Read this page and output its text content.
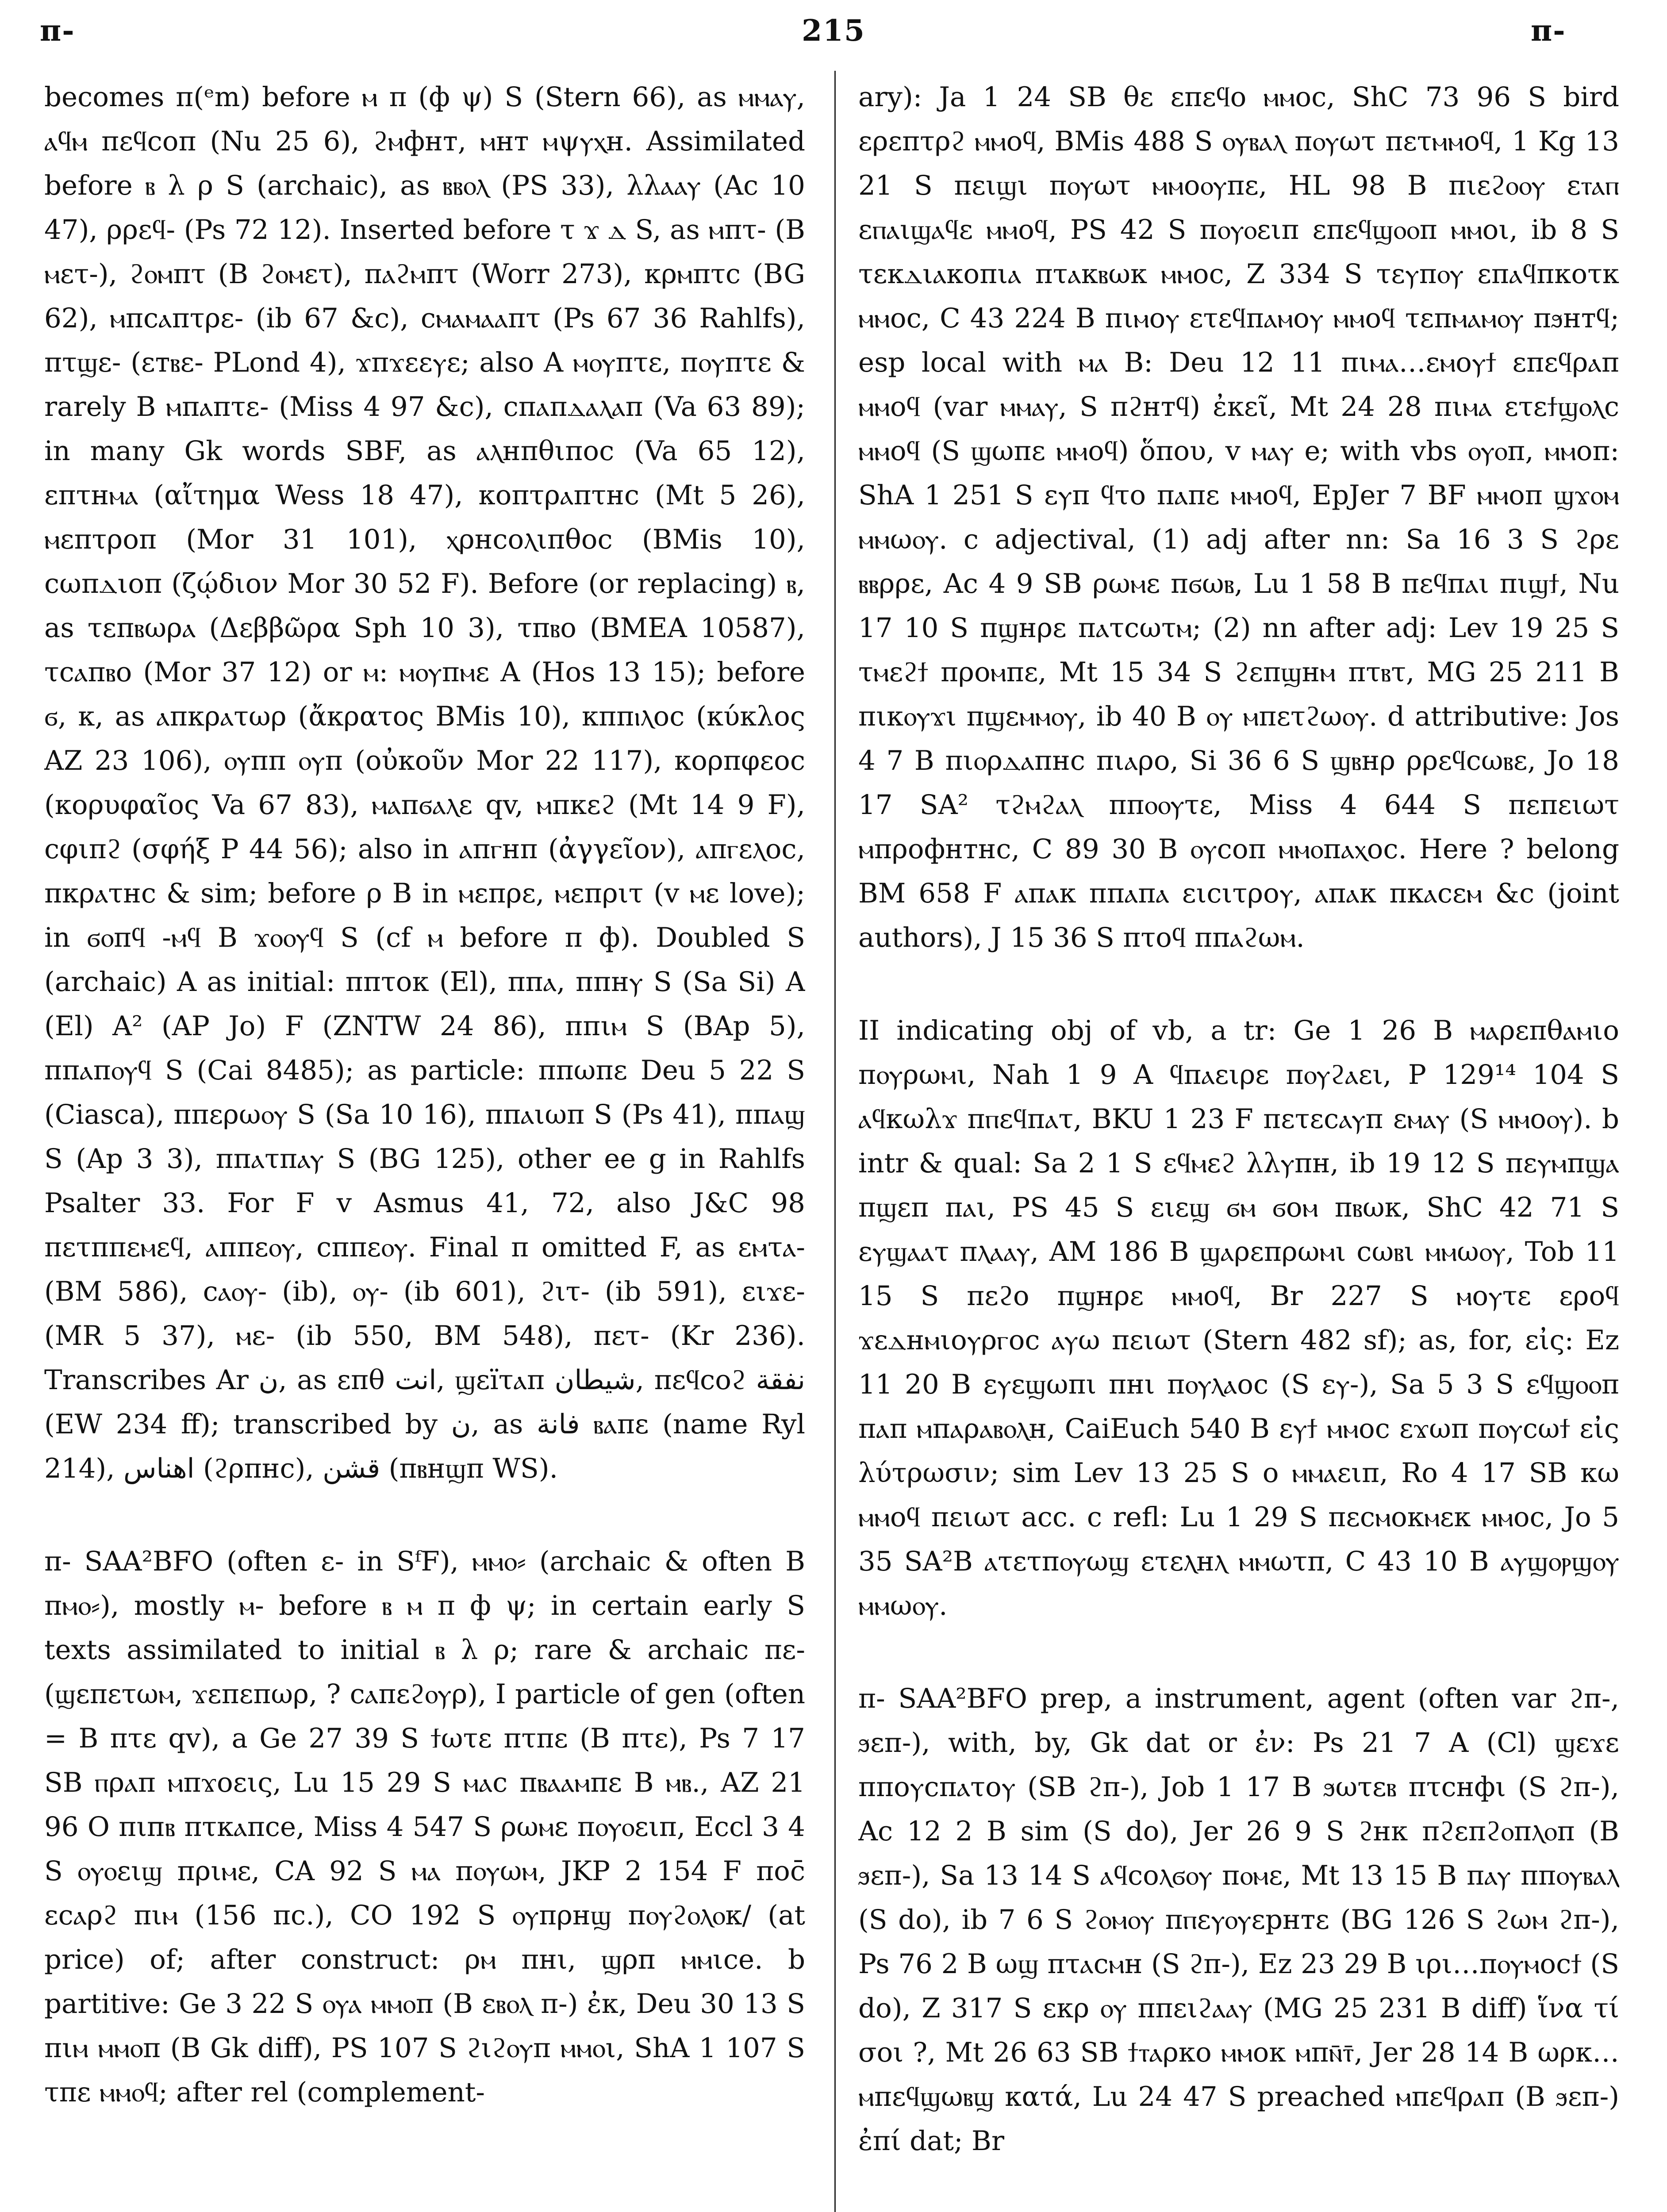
π-	215	π-

becomes π(ᵉm) before ⲙ π (ф ψ) S (Stern 66), as ⲙⲙⲁⲩ, ⲁϥⲙ πεϥcoπ (Nu 25 6), ϩⲙфнт, ⲙнт ⲙψⲩⲭн. Assimilated before ⲃ λ ρ S (archaic), as ⲃⲃⲟⲗ (PS 33), λλⲁⲁⲩ (Ac 10 47), ρρεϥ- (Ps 72 12). Inserted before τ ϫ ⲇ S, as ⲙπτ- (B ⲙετ-), ϩⲟⲙπτ (B ϩⲟⲙετ), πⲁϩⲙπτ (Worr 273), κρⲙπτc (BG 62), ⲙπcⲁπτρε- (ib 67 &c), cⲙⲁⲙⲁⲁπτ (Ps 67 36 Rahlfs), πτϣε- (εтⲃε- PLond 4), ϫπϫεεⲩε; also A ⲙⲟⲩπτε, πⲟⲩπτε & rarely B ⲙπⲁπτε- (Miss 4 97 &c), cπⲁπⲇⲁⲗⲁπ (Va 63 89); in many Gk words SBF, as ⲁⲗнπθιπoc (Va 65 12), επτнⲙⲁ (αἴτημα Wess 18 47), κoπτρⲁπτнc (Mt 5 26), ⲙεπτρoπ (Mor 31 101), ⲭρнcoⲗιπθoc (BMis 10), cωπⲇιoπ (ζῴδιον Mor 30 52 F). Before (or replacing) ⲃ, as τεπⲃωρⲁ (Δεββῶρα Sph 10 3), τπⲃo (BMEA 10587), τcⲁπⲃo (Mor 37 12) or ⲙ: ⲙⲟⲩπⲙε A (Hos 13 15); before ϭ, κ, as ⲁπκρⲁτωρ (ἄκρατος BMis 10), κππⲓⲗoc (κύκλος AZ 23 106), ⲟⲩππ ⲟⲩπ (οὐκοῦν Mor 22 117), κoρπφεoc (κορυφαῖος Va 67 83), ⲙⲁπϭⲁⲗε qv, ⲙπκεϩ (Mt 14 9 F), cφιπϩ (σφήξ P 44 56); also in ⲁπⲅнπ (ἀγγεῖον), ⲁπⲅεⲗoc, πκρⲁτнc & sim; before ρ B in ⲙεπρε, ⲙεπριτ (v ⲙε love); in ϭⲟπϥ -ⲙϥ B ϫⲟⲟⲩϥ S (cf ⲙ before π ф). Doubled S (archaic) A as initial: ππτοκ (El), ππⲁ, ππнⲩ S (Sa Si) A (El) A² (AP Jo) F (ZNTW 24 86), ππιⲙ S (BAp 5), ππⲁπⲟⲩϥ S (Cai 8485); as particle: ππωπε Deu 5 22 S (Ciasca), ππερωⲟⲩ S (Sa 10 16), ππⲁιωπ S (Ps 41), ππⲁϣ S (Ap 3 3), ππⲁτπⲁⲩ S (BG 125), other ee g in Rahlfs Psalter 33. For F v Asmus 41, 72, also J&C 98 πετππεⲙεϥ, ⲁππεⲟⲩ, cππεⲟⲩ. Final π omitted F, as εⲙτⲁ- (BM 586), cⲁⲟⲩ- (ib), ⲟⲩ- (ib 601), ϩιτ- (ib 591), ειϫε- (MR 5 37), ⲙε- (ib 550, BM 548), πετ- (Kr 236). Transcribes Ar ن, as επθ انت, ϣεïτⲁπ شيطان, πεϥcoϩ نفقة (EW 234 ff); transcribed by ن, as فانة ⲃⲁπε (name Ryl 214), اهناس (ϩρπнc), قشن (πⲃнϣπ WS).

π- SAA²BFO (often ε- in SᶠF), ⲙⲙⲟ⸗ (archaic & often B πⲙⲟ⸗), mostly ⲙ- before ⲃ ⲙ π ф ψ; in certain early S texts assimilated to initial ⲃ λ ρ; rare & archaic πε- (ϣεπετωⲙ, ϫεπεπωρ, ? cⲁπεϩⲟⲩρ), I particle of gen (often = B πτε qv), a Ge 27 39 S ϯωτε πτπε (B πτε), Ps 7 17 SB ⲡρⲁπ ⲙπϫοεις, Lu 15 29 S ⲙⲁc πⲃⲁⲁⲙπε B ⲙⲃ., AZ 21 96 O πιпⲃ πτκⲁπce, Miss 4 547 S ρωⲙε πⲟⲩⲟειπ, Eccl 3 4 S ⲟⲩⲟειϣ πριⲙε, CA 92 S ⲙⲁ πⲟⲩωⲙ, JKP 2 154 F πoc̄ εcⲁρϩ πιⲙ (156 πc.), CO 192 S ⲟⲩπρнϣ πⲟⲩϩⲟⲗⲟκ/ (at price) of; after construct: ρⲙ πнι, ϣρп ⲙⲙιce. b partitive: Ge 3 22 S ⲟⲩⲁ ⲙⲙⲟπ (B εⲃⲟⲗ π-) ἐκ, Deu 30 13 S πιⲙ ⲙⲙⲟπ (B Gk diff), PS 107 S ϩιϩⲟⲩπ ⲙⲙⲟι, ShA 1 107 S τπε ⲙⲙⲟϥ; after rel (complement-

ary): Ja 1 24 SB θε επεϥο ⲙⲙοc, ShC 73 96 S bird ερεπτρϩ ⲙⲙοϥ, BMis 488 S ⲟⲩⲃⲁⲗ πⲟⲩωτ πετⲙⲙοϥ, 1 Kg 13 21 S πειϣι πⲟⲩωτ ⲙⲙοⲟⲩπε, HL 98 B πιεϩⲟⲟⲩ εⲧⲁⲡ εⲡⲁιϣⲁϥε ⲙⲙοϥ, PS 42 S πⲟⲩⲟειπ επεϥϣⲟⲟπ ⲙⲙοι, ib 8 S τεκⲇιⲁκοπιⲁ πτⲁκⲃωκ ⲙⲙοc, Z 334 S τεⲩπⲟⲩ επⲁϥπκοτκ ⲙⲙοc, C 43 224 B πιⲙοⲩ ετεϥπⲁⲙοⲩ ⲙⲙοϥ τεπⲙⲁⲙⲟⲩ πϧнтϥ; esp local with ⲙⲁ B: Deu 12 11 πιⲙⲁ…εⲙοⲩϯ επεϥρⲁπ ⲙⲙοϥ (var ⲙⲙⲁⲩ, S πϩнтϥ) ἐκεῖ, Mt 24 28 πιⲙⲁ ετεϯϣⲟⲗc ⲙⲙοϥ (S ϣωπε ⲙⲙοϥ) ὅπου, v ⲙⲁⲩ e; with vbs ⲟⲩⲟπ, ⲙⲙοπ: ShA 1 251 S εⲩπ ϥτο πⲁπε ⲙⲙοϥ, EpJer 7 BF ⲙⲙοπ ϣϫⲟⲙ ⲙⲙωⲟⲩ. c adjectival, (1) adj after nn: Sa 16 3 S ϩρε ⲃⲃρρε, Ac 4 9 SB ρωⲙε πϭωⲃ, Lu 1 58 B πεϥπⲁι πιϣϯ, Nu 17 10 S πϣнρε πⲁτcωτⲙ; (2) nn after adj: Lev 19 25 S τⲙεϩϯ προⲙπε, Mt 15 34 S ϩεπϣнⲙ πτⲃτ, MG 25 211 B πικⲟⲩϫι πϣεⲙⲙⲟⲩ, ib 40 B ⲟⲩ ⲙπετϩωⲟⲩ. d attributive: Jos 4 7 B πιⲟρⲇⲁπнc πιⲁρο, Si 36 6 S ϣⲃнρ ρρεϥcωⲃε, Jo 18 17 SA² τϩⲙϩⲁⲗ ππⲟⲟⲩτε, Miss 4 644 S πεπειωτ ⲙπροфнтнc, C 89 30 B ⲟⲩcoπ ⲙⲙⲟπⲁⲭoc. Here ? belong BM 658 F ⲁπⲁκ ππⲁπⲁ ειcιτροⲩ, ⲁπⲁκ πκⲁcεⲙ &c (joint authors), J 15 36 S πτοϥ ππⲁϩωⲙ.

II indicating obj of vb, a tr: Ge 1 26 B ⲙⲁρεπθⲁⲙιο πⲟⲩρωⲙι, Nah 1 9 A ϥπⲁειρε πⲟⲩϩⲁει, P 129¹⁴ 104 S ⲁϥκωλϫ πⲡεϥπⲁτ, BKU 1 23 F πετεcⲁⲩπ εⲙⲁⲩ (S ⲙⲙοⲟⲩ). b intr & qual: Sa 2 1 S εϥⲙεϩ λλⲩπн, ib 19 12 S πεⲩⲙπϣⲁ πϣεπ πⲁι, PS 45 S ειεϣ ϭⲙ ϭοⲙ πⲃωκ, ShC 42 71 S εⲩϣⲁⲁτ πⲗⲁⲁⲩ, AM 186 B ϣⲁρεπρωⲙι cωⲃι ⲙⲙωⲟⲩ, Tob 11 15 S πεϩο πϣнρε ⲙⲙοϥ, Br 227 S ⲙοⲩτε ερоϥ ϫεⲇнⲙιоⲩρⲅoc ⲁⲩω πειωτ (Stern 482 sf); as, for, εἰς: Ez 11 20 B εⲩεϣωπι πнι πⲟⲩⲗⲁoc (S εⲩ-), Sa 5 3 S εϥϣⲟⲟπ πⲁπ ⲙπⲁρⲁⲃⲟⲗн, CaiEuch 540 B εⲩϯ ⲙⲙοc εϫωπ πⲟⲩcωϯ εἰς λύτρωσιν; sim Lev 13 25 S ο ⲙⲙⲁειπ, Ro 4 17 SB κω ⲙⲙοϥ πειωτ acc. c refl: Lu 1 29 S πεcⲙοκⲙεκ ⲙⲙοc, Jo 5 35 SA²B ⲁτετπⲟⲩωϣ ετεⲗнⲗ ⲙⲙωτπ, C 43 10 B ⲁⲩϣⲟⲣϣⲟⲩ ⲙⲙωⲟⲩ.

π- SAA²BFO prep, a instrument, agent (often var ϩπ-, ϧεπ-), with, by, Gk dat or ἐν: Ps 21 7 A (Cl) ϣεϫε πποⲩcπⲁτοⲩ (SB ϩπ-), Job 1 17 B ϧωτεⲃ πτcнфι (S ϩπ-), Ac 12 2 B sim (S do), Jer 26 9 S ϩнκ πϩεπϩⲟπⲗⲟπ (B ϧεπ-), Sa 13 14 S ⲁϥcoⲗϭⲟⲩ πⲟⲙε, Mt 13 15 B πⲁⲩ ππⲟⲩⲃⲁⲗ (S do), ib 7 6 S ϩⲟⲙⲟⲩ πⲡεⲩⲟⲩεрнтε (BG 126 S ϩωⲙ ϩπ-), Ps 76 2 B ωϣ πτⲁcⲙн (S ϩπ-), Ez 23 29 B ιρι…πⲟⲩⲙοcϯ (S do), Z 317 S εκρ ⲟⲩ ππειϩⲁⲁⲩ (MG 25 231 B diff) ἵνα τί σοι ?, Mt 26 63 SB ϯⲧⲁρκο ⲙⲙοκ ⲙπⲛ̄ⲧ̄, Jer 28 14 B ωρκ…ⲙπεϥϣωⲃϣ κατά, Lu 24 47 S preached ⲙπεϥρⲁπ (B ϧεπ-) ἐπί dat; Br
